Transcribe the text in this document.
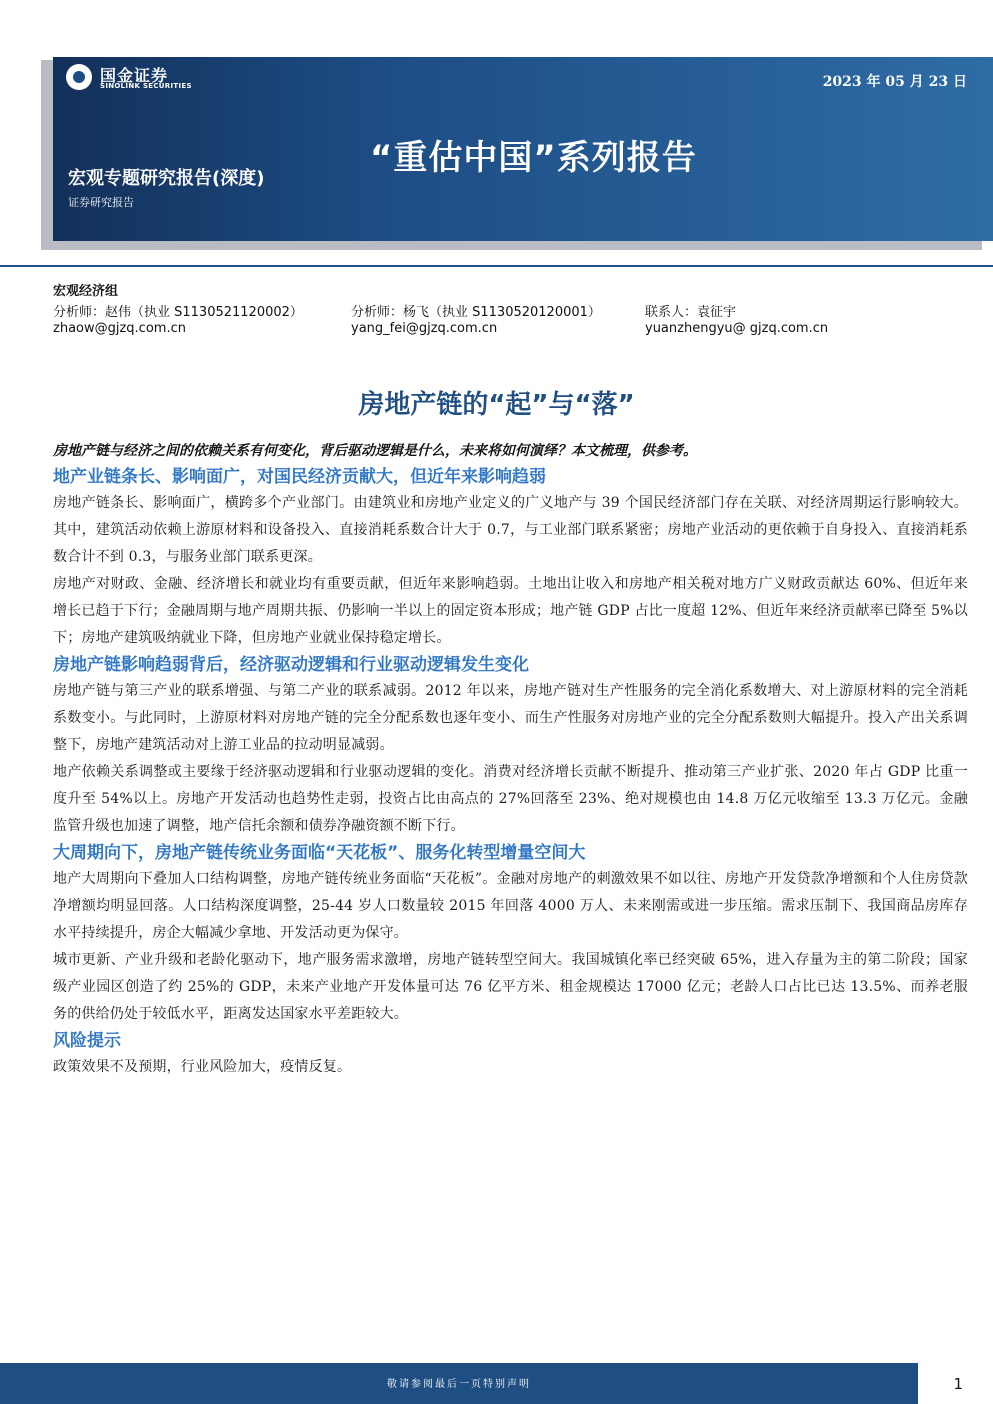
国金证券
SINOLINK SECURITIES	2023 年 05 月 23 日
“重估中国”系列报告
宏观专题研究报告(深度)
证券研究报告
宏观经济组
分析师：赵伟（执业 S1130521120002）	分析师：杨飞（执业 S1130520120001）	联系人：袁征宇
zhaow@gjzq.com.cn	yang_fei@gjzq.com.cn	yuanzhengyu@ gjzq.com.cn
房地产链的“起”与“落”

房地产链与经济之间的依赖关系有何变化，背后驱动逻辑是什么，未来将如何演绎？本文梳理，供参考。

地产业链条长、影响面广，对国民经济贡献大，但近年来影响趋弱

房地产链条长、影响面广，横跨多个产业部门。由建筑业和房地产业定义的广义地产与 39 个国民经济部门存在关联、对经济周期运行影响较大。其中，建筑活动依赖上游原材料和设备投入、直接消耗系数合计大于 0.7，与工业部门联系紧密；房地产业活动的更依赖于自身投入、直接消耗系数合计不到 0.3，与服务业部门联系更深。

房地产对财政、金融、经济增长和就业均有重要贡献，但近年来影响趋弱。土地出让收入和房地产相关税对地方广义财政贡献达 60%、但近年来增长已趋于下行；金融周期与地产周期共振、仍影响一半以上的固定资本形成；地产链 GDP 占比一度超 12%、但近年来经济贡献率已降至 5%以下；房地产建筑吸纳就业下降，但房地产业就业保持稳定增长。

房地产链影响趋弱背后，经济驱动逻辑和行业驱动逻辑发生变化

房地产链与第三产业的联系增强、与第二产业的联系减弱。2012 年以来，房地产链对生产性服务的完全消化系数增大、对上游原材料的完全消耗系数变小。与此同时，上游原材料对房地产链的完全分配系数也逐年变小、而生产性服务对房地产业的完全分配系数则大幅提升。投入产出关系调整下，房地产建筑活动对上游工业品的拉动明显减弱。

地产依赖关系调整或主要缘于经济驱动逻辑和行业驱动逻辑的变化。消费对经济增长贡献不断提升、推动第三产业扩张、2020 年占 GDP 比重一度升至 54%以上。房地产开发活动也趋势性走弱，投资占比由高点的 27%回落至 23%、绝对规模也由 14.8 万亿元收缩至 13.3 万亿元。金融监管升级也加速了调整，地产信托余额和债券净融资额不断下行。

大周期向下，房地产链传统业务面临“天花板”、服务化转型增量空间大

地产大周期向下叠加人口结构调整，房地产链传统业务面临“天花板”。金融对房地产的刺激效果不如以往、房地产开发贷款净增额和个人住房贷款净增额均明显回落。人口结构深度调整，25-44 岁人口数量较 2015 年回落 4000 万人、未来刚需或进一步压缩。需求压制下、我国商品房库存水平持续提升，房企大幅减少拿地、开发活动更为保守。

城市更新、产业升级和老龄化驱动下，地产服务需求激增，房地产链转型空间大。我国城镇化率已经突破 65%，进入存量为主的第二阶段；国家级产业园区创造了约 25%的 GDP，未来产业地产开发体量可达 76 亿平方米、租金规模达 17000 亿元；老龄人口占比已达 13.5%、而养老服务的供给仍处于较低水平，距离发达国家水平差距较大。

风险提示

政策效果不及预期，行业风险加大，疫情反复。

敬请参阅最后一页特别声明	1
